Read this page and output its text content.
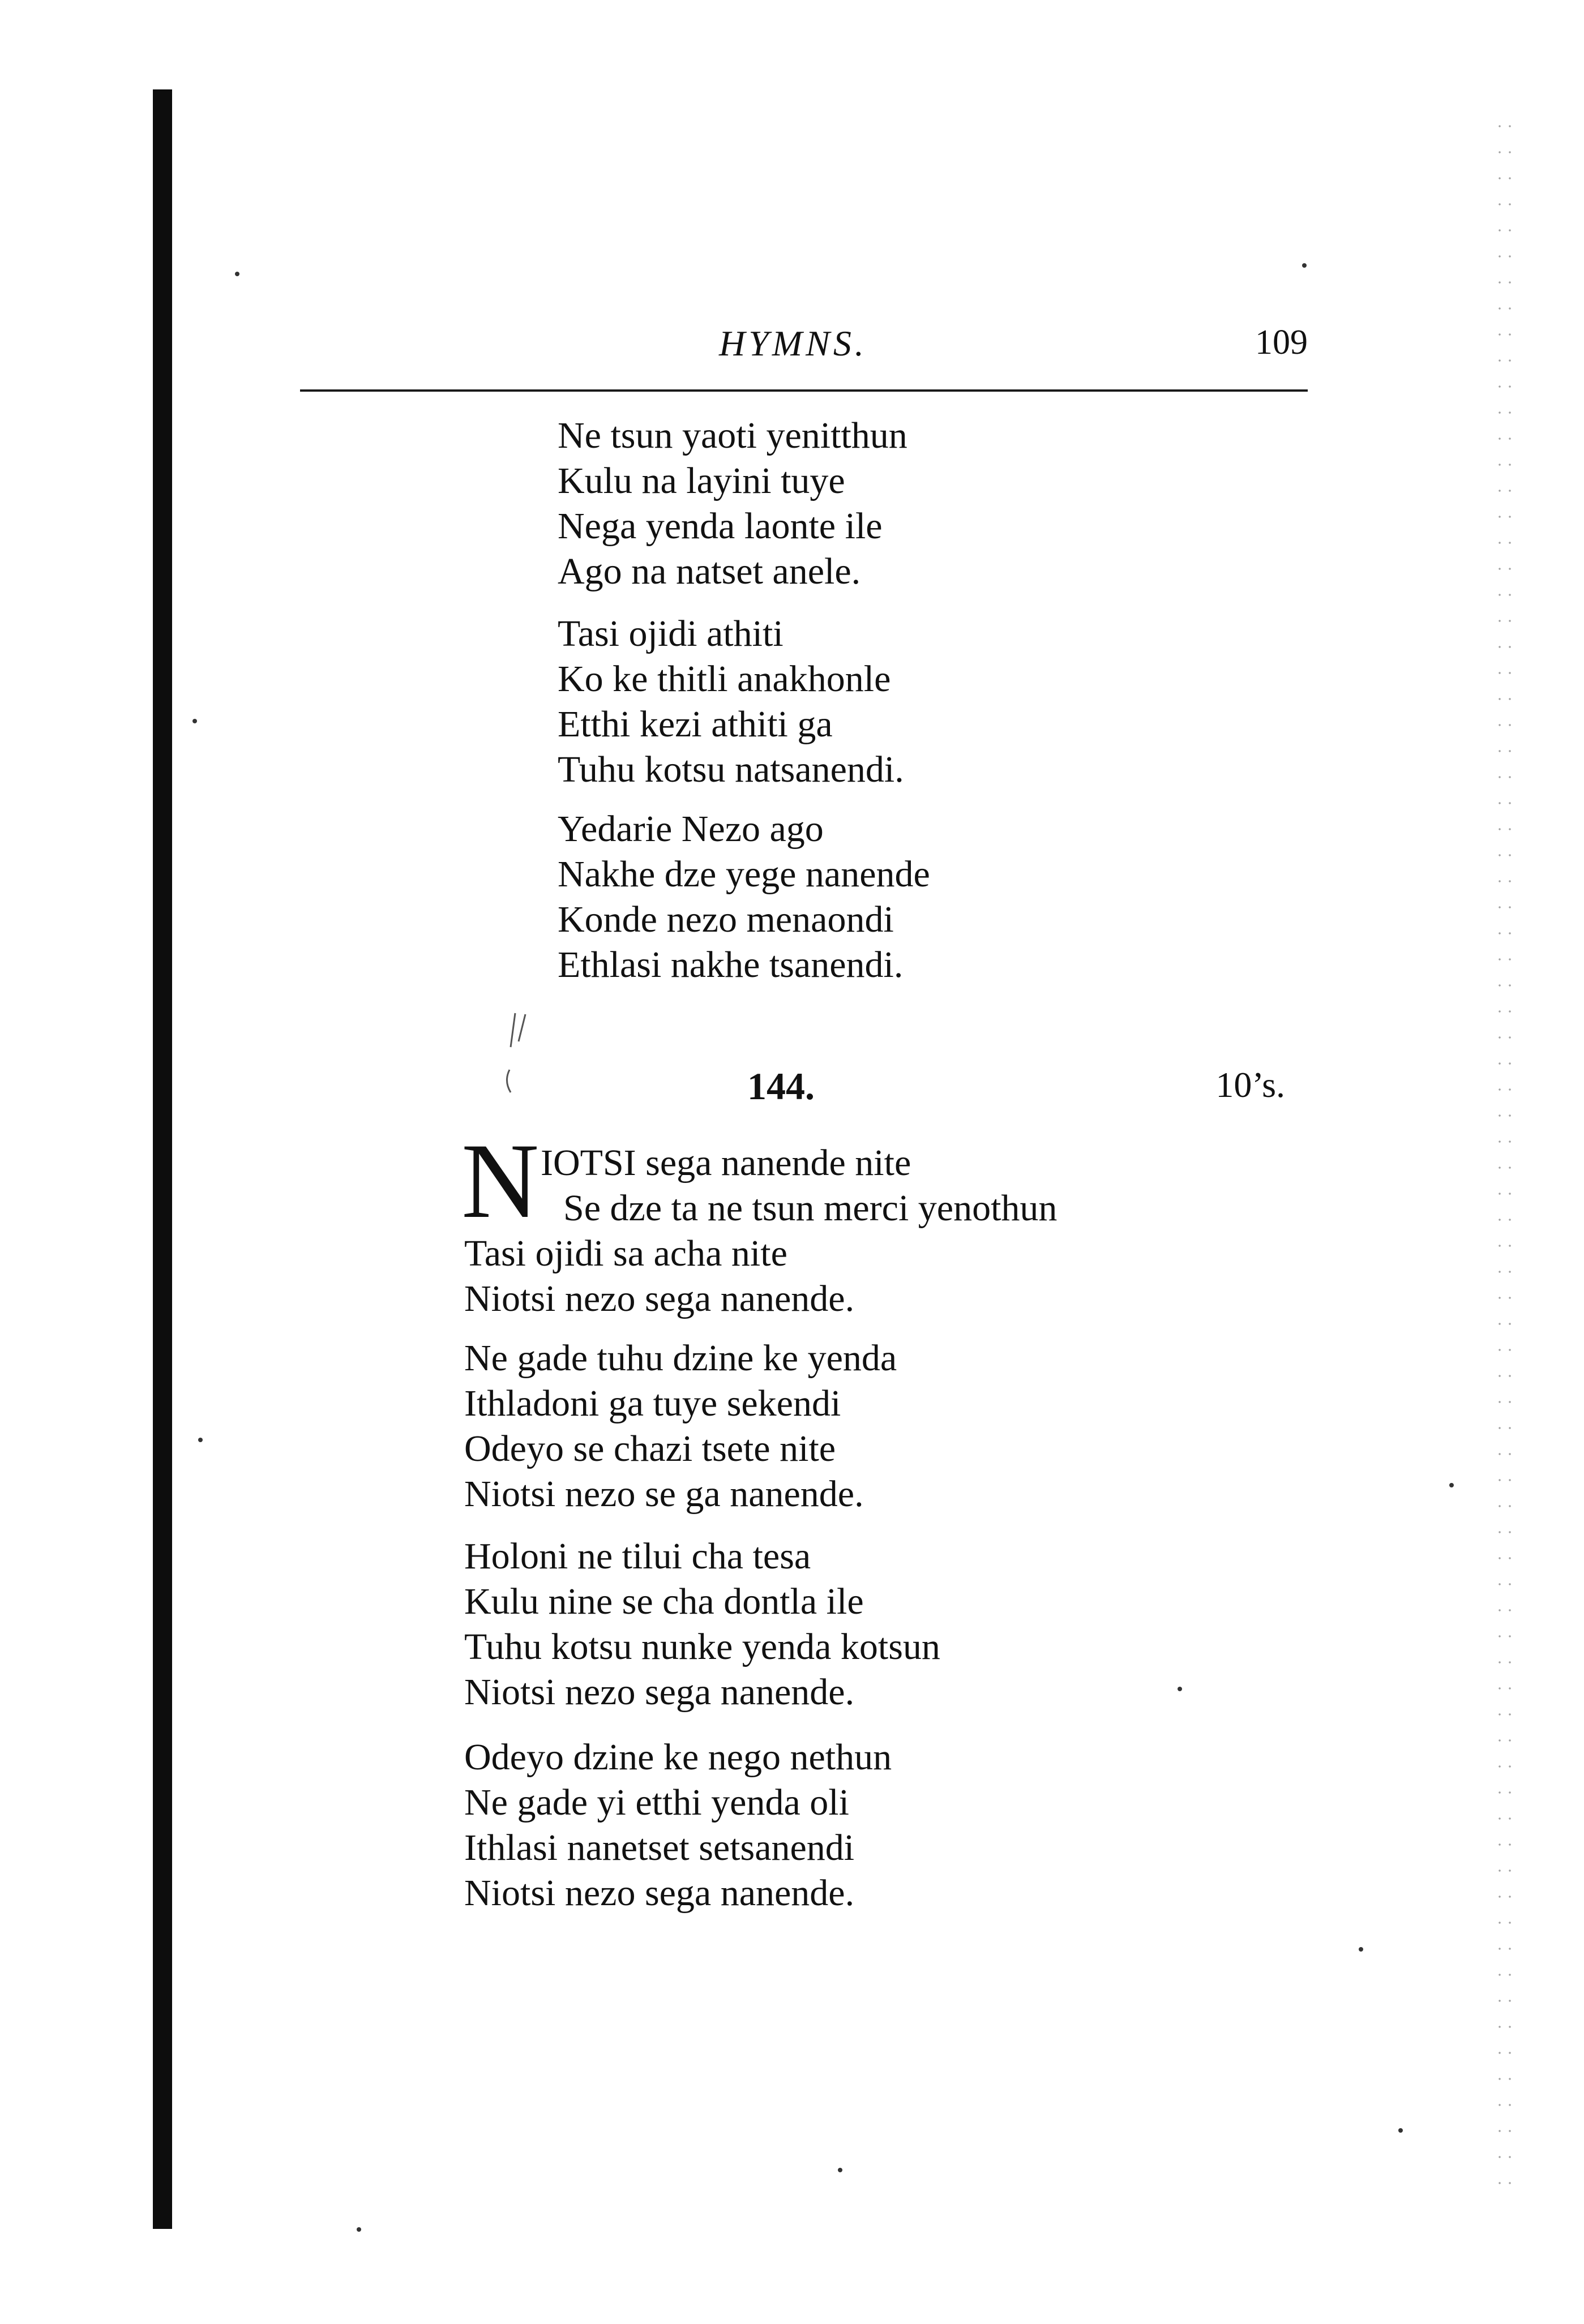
HYMNS.	109
Ne tsun yaoti yenitthun
Kulu na layini tuye
Nega yenda laonte ile
Ago na natset anele.
Tasi ojidi athiti
Ko ke thitli anakhonle
Etthi kezi athiti ga
Tuhu kotsu natsanendi.
Yedarie Nezo ago
Nakhe dze yege nanende
Konde nezo menaondi
Ethlasi nakhe tsanendi.
144.	10’s.
N IOTSI sega nanende nite
Se dze ta ne tsun merci yenothun
Tasi ojidi sa acha nite
Niotsi nezo sega nanende.
Ne gade tuhu dzine ke yenda
Ithladoni ga tuye sekendi
Odeyo se chazi tsete nite
Niotsi nezo se ga nanende.
Holoni ne tilui cha tesa
Kulu nine se cha dontla ile
Tuhu kotsu nunke yenda kotsun
Niotsi nezo sega nanende.
Odeyo dzine ke nego nethun
Ne gade yi etthi yenda oli
Ithlasi nanetset setsanendi
Niotsi nezo sega nanende.
